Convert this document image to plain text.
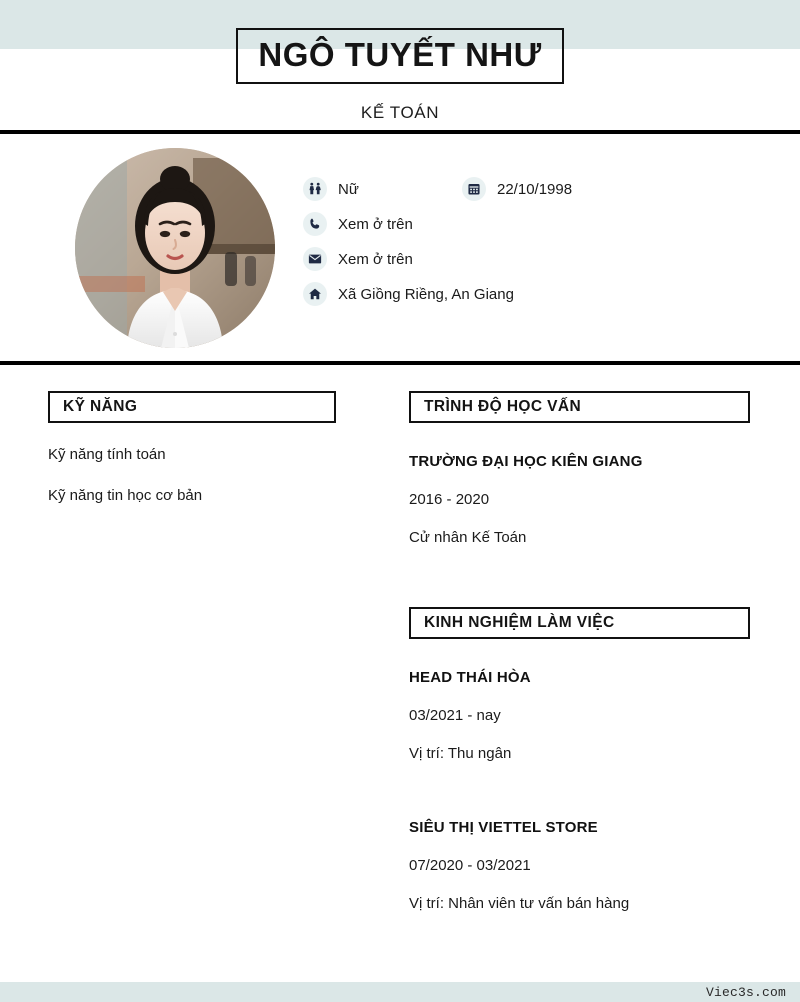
NGÔ TUYẾT NHƯ
KẾ TOÁN
Nữ	22/10/1998
Xem ở trên
Xem ở trên
Xã Giồng Riềng, An Giang
KỸ NĂNG
Kỹ năng tính toán
Kỹ năng tin học cơ bản
TRÌNH ĐỘ HỌC VẤN
TRƯỜNG ĐẠI HỌC KIÊN GIANG
2016 - 2020
Cử nhân Kế Toán
KINH NGHIỆM LÀM VIỆC
HEAD THÁI HÒA
03/2021 - nay
Vị trí: Thu ngân
SIÊU THỊ VIETTEL STORE
07/2020 - 03/2021
Vị trí: Nhân viên tư vấn bán hàng
Viec3s.com
